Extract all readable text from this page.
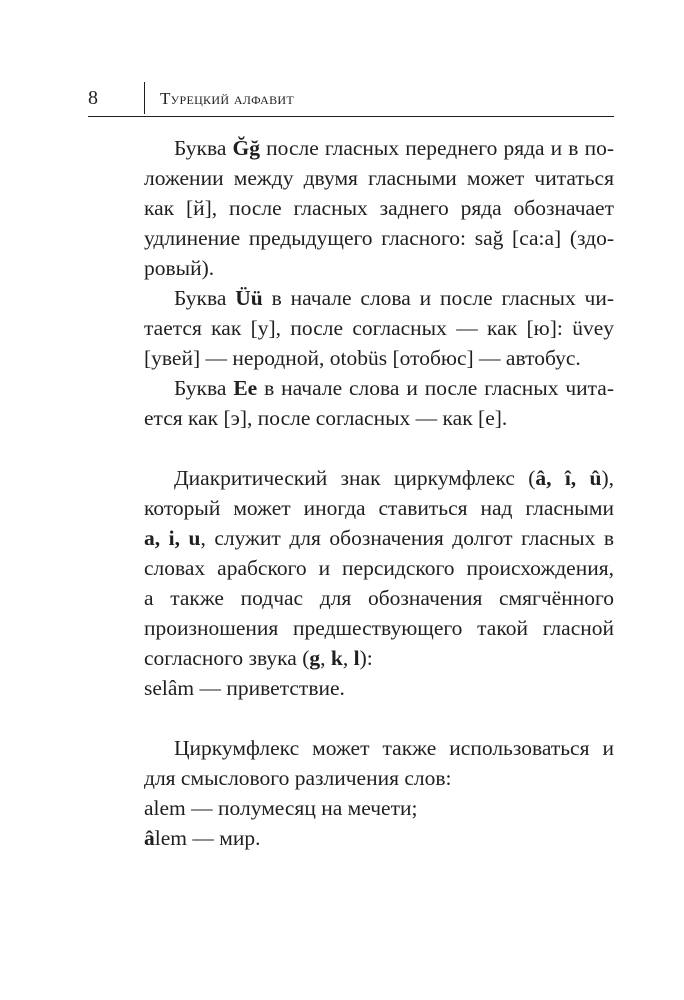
8	Турецкий алфавит

Буква Ğğ после гласных переднего ряда и в по-
ложении между двумя гласными может читаться
как [й], после гласных заднего ряда обозначает
удлинение предыдущего гласного: sağ [са:а] (здо-
ровый).

Буква Üü в начале слова и после гласных чи-
тается как [у], после согласных — как [ю]: üvey
[увей] — неродной, otobüs [отобюс] — автобус.

Буква Ee в начале слова и после гласных чита-
ется как [э], после согласных — как [е].

Диакритический знак циркумфлекс (â, î, û),
который может иногда ставиться над гласными
a, i, u, служит для обозначения долгот гласных в
словах арабского и персидского происхождения,
а также подчас для обозначения смягчённого
произношения предшествующего такой гласной
согласного звука (g, k, l):

selâm — приветствие.

Циркумфлекс может также использоваться и
для смыслового различения слов:

alem — полумесяц на мечети;

âlem — мир.
